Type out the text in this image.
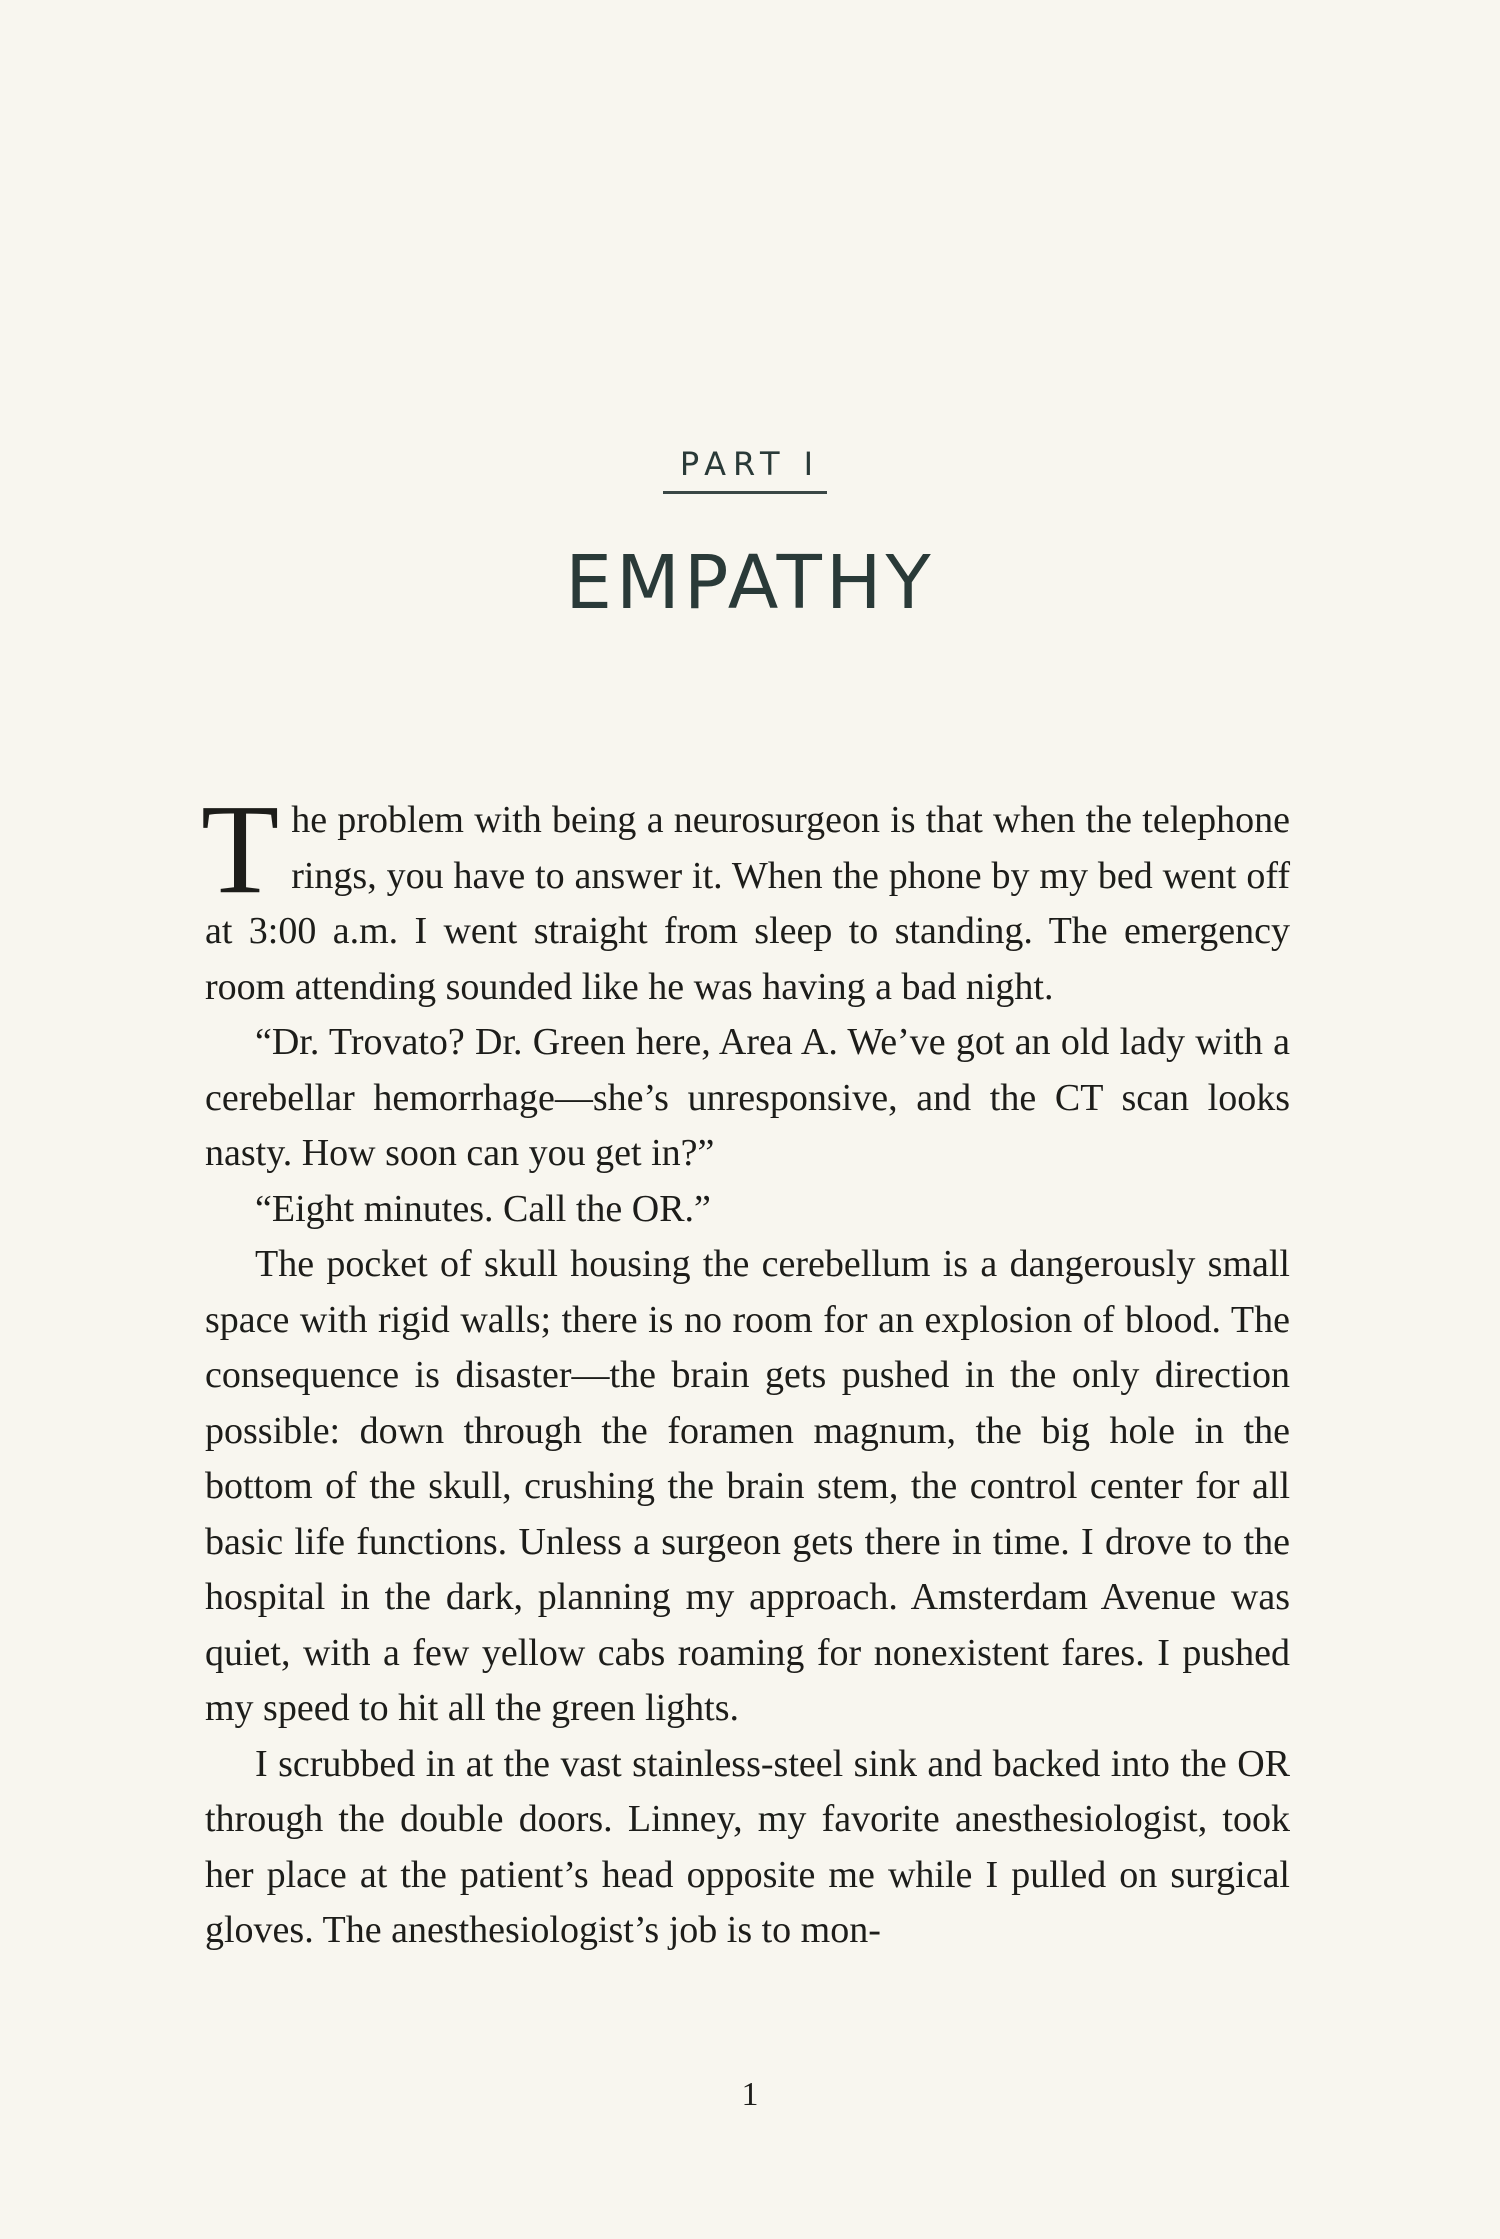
PART I
EMPATHY

The problem with being a neurosurgeon is that when the telephone rings, you have to answer it. When the phone by my bed went off at 3:00 a.m. I went straight from sleep to standing. The emergency room attending sounded like he was having a bad night.

“Dr. Trovato? Dr. Green here, Area A. We’ve got an old lady with a cerebellar hemorrhage—she’s unresponsive, and the CT scan looks nasty. How soon can you get in?”

“Eight minutes. Call the OR.”

The pocket of skull housing the cerebellum is a dangerously small space with rigid walls; there is no room for an explosion of blood. The consequence is disaster—the brain gets pushed in the only direction possible: down through the foramen magnum, the big hole in the bottom of the skull, crushing the brain stem, the control center for all basic life functions. Unless a surgeon gets there in time. I drove to the hospital in the dark, planning my approach. Amsterdam Avenue was quiet, with a few yellow cabs roaming for nonexistent fares. I pushed my speed to hit all the green lights.

I scrubbed in at the vast stainless-steel sink and backed into the OR through the double doors. Linney, my favorite anesthesiologist, took her place at the patient’s head opposite me while I pulled on surgical gloves. The anesthesiologist’s job is to mon-

1
